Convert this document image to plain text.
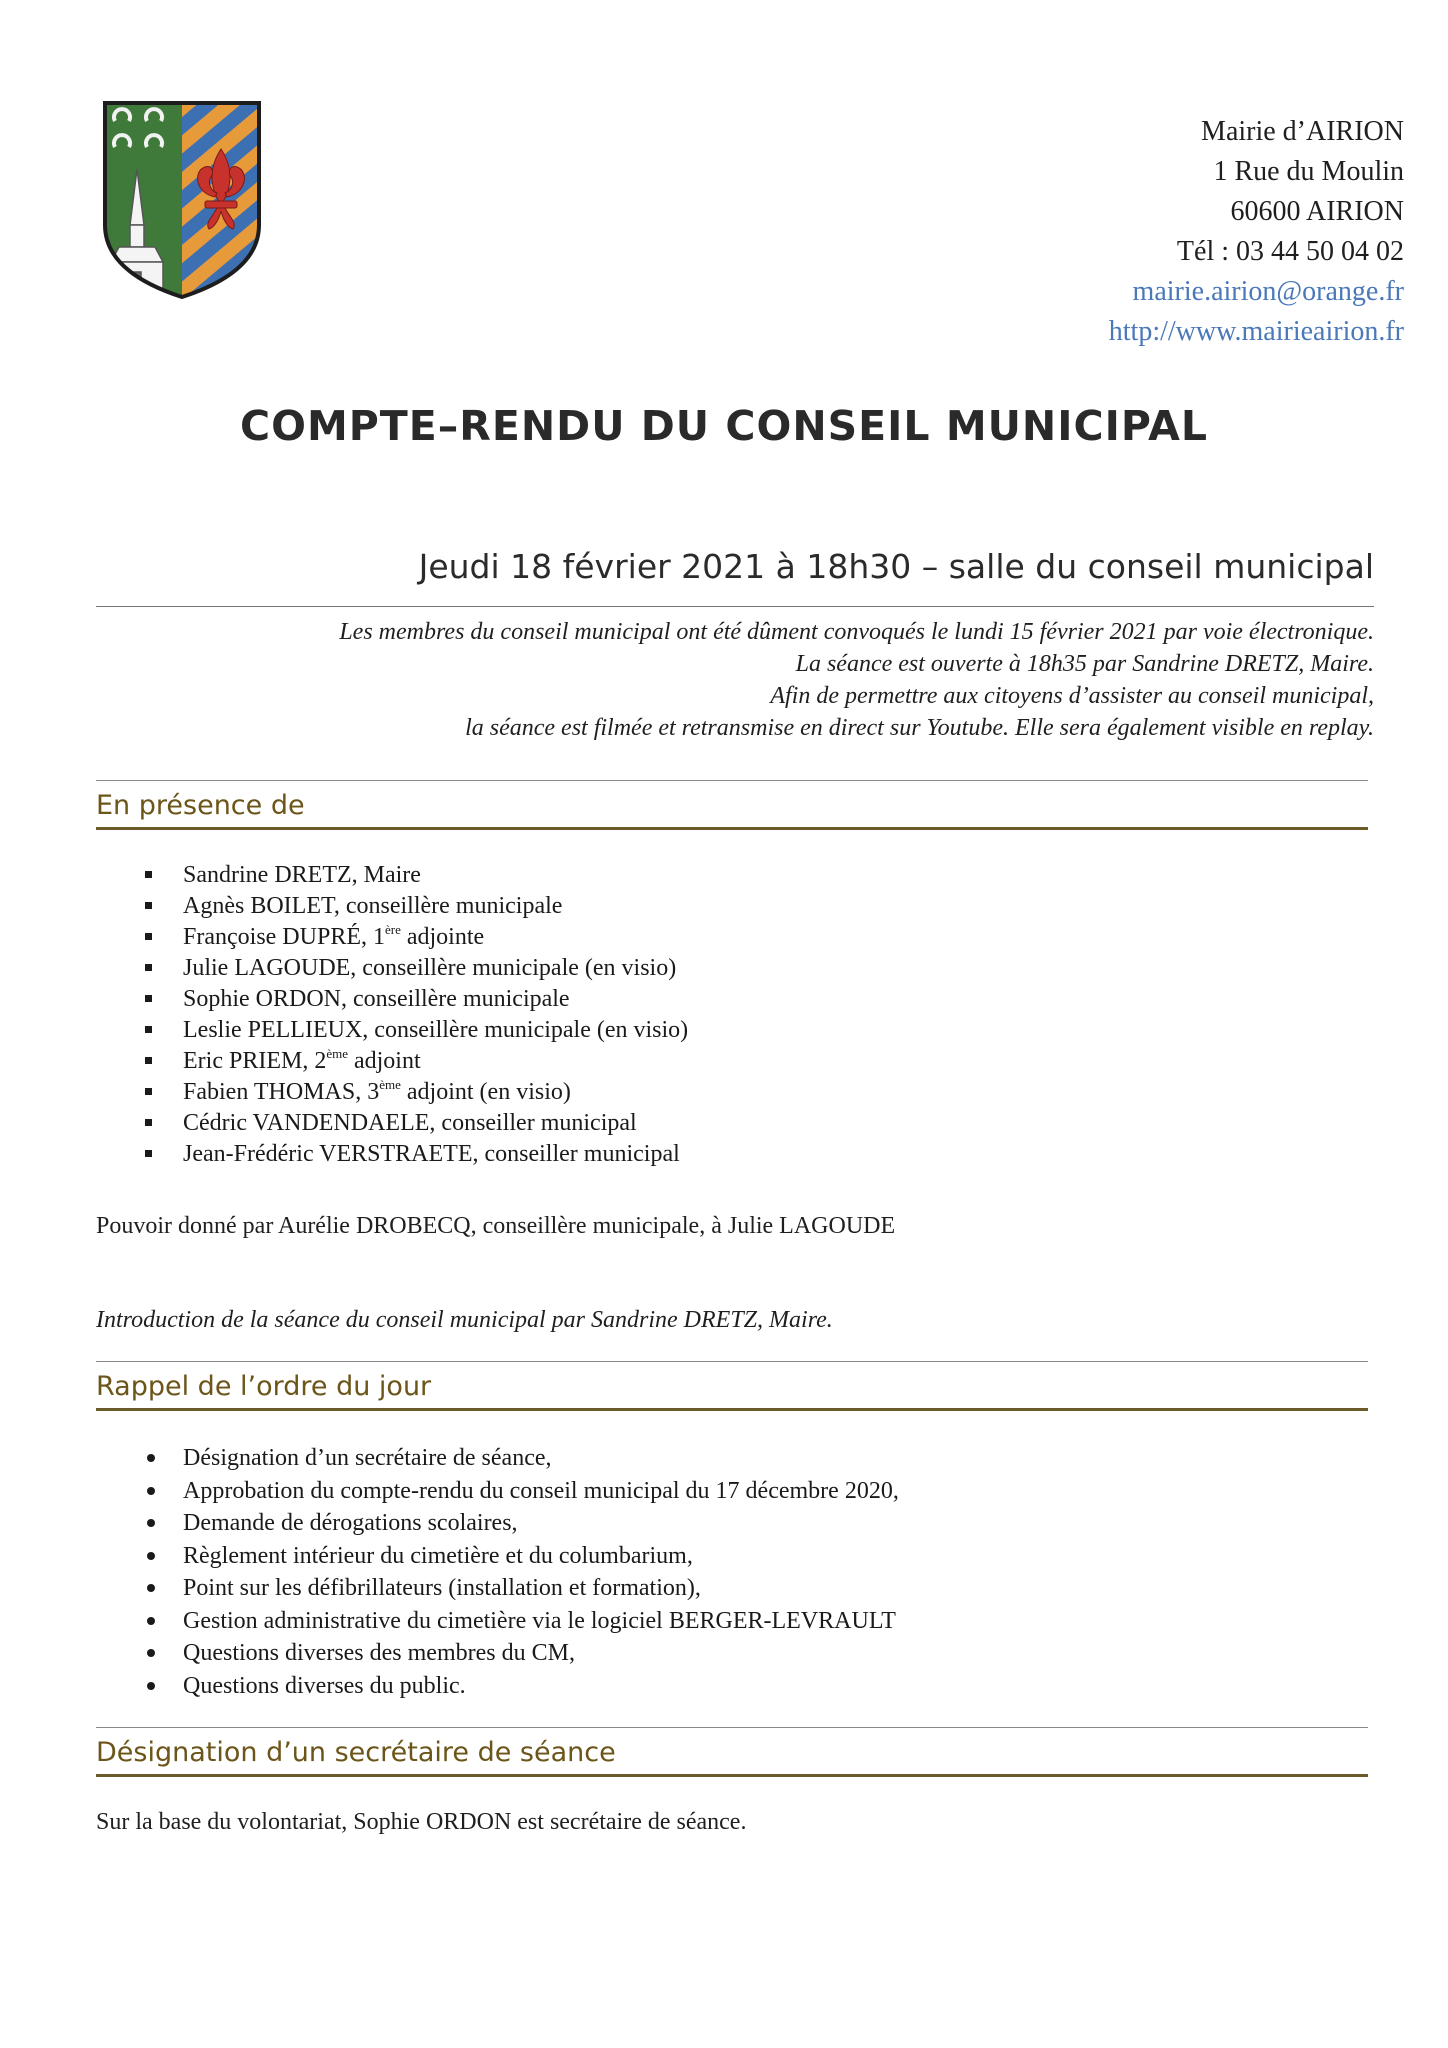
Mairie d’AIRION
1 Rue du Moulin
60600 AIRION
Tél : 03 44 50 04 02
mairie.airion@orange.fr
http://www.mairieairion.fr
COMPTE–RENDU DU CONSEIL MUNICIPAL
Jeudi 18 février 2021 à 18h30 – salle du conseil municipal
Les membres du conseil municipal ont été dûment convoqués le lundi 15 février 2021 par voie électronique.
La séance est ouverte à 18h35 par Sandrine DRETZ, Maire.
Afin de permettre aux citoyens d’assister au conseil municipal,
la séance est filmée et retransmise en direct sur Youtube. Elle sera également visible en replay.
En présence de
Sandrine DRETZ, Maire
Agnès BOILET, conseillère municipale
Françoise DUPRÉ, 1ère adjointe
Julie LAGOUDE, conseillère municipale (en visio)
Sophie ORDON, conseillère municipale
Leslie PELLIEUX, conseillère municipale (en visio)
Eric PRIEM, 2ème adjoint
Fabien THOMAS, 3ème adjoint (en visio)
Cédric VANDENDAELE, conseiller municipal
Jean-Frédéric VERSTRAETE, conseiller municipal
Pouvoir donné par Aurélie DROBECQ, conseillère municipale, à Julie LAGOUDE
Introduction de la séance du conseil municipal par Sandrine DRETZ, Maire.
Rappel de l’ordre du jour
Désignation d’un secrétaire de séance,
Approbation du compte-rendu du conseil municipal du 17 décembre 2020,
Demande de dérogations scolaires,
Règlement intérieur du cimetière et du columbarium,
Point sur les défibrillateurs (installation et formation),
Gestion administrative du cimetière via le logiciel BERGER-LEVRAULT
Questions diverses des membres du CM,
Questions diverses du public.
Désignation d’un secrétaire de séance
Sur la base du volontariat, Sophie ORDON est secrétaire de séance.
